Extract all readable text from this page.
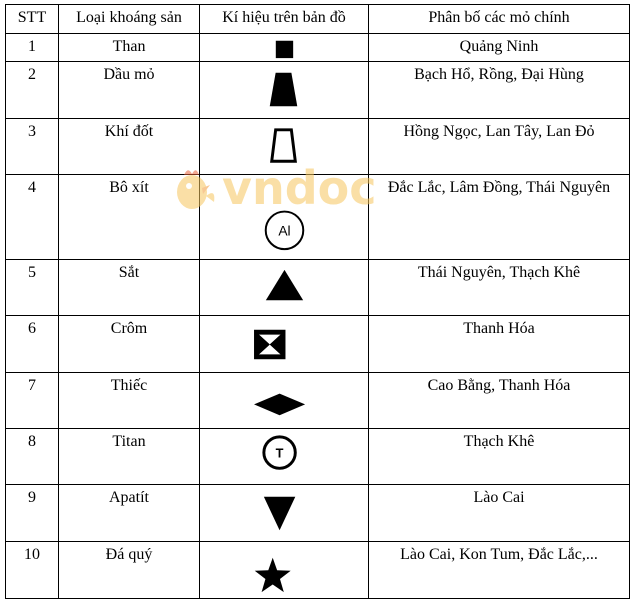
STT	Loại khoáng sản	Kí hiệu trên bản đồ	Phân bố các mỏ chính
1	Than		Quảng Ninh
2	Dầu mỏ		Bạch Hổ, Rồng, Đại Hùng
3	Khí đốt		Hồng Ngọc, Lan Tây, Lan Đỏ
4	Bô xít	Al	Đắc Lắc, Lâm Đồng, Thái Nguyên
5	Sắt		Thái Nguyên, Thạch Khê
6	Crôm		Thanh Hóa
7	Thiếc		Cao Bằng, Thanh Hóa
8	Titan	T	Thạch Khê
9	Apatít		Lào Cai
10	Đá quý		Lào Cai, Kon Tum, Đắc Lắc,...
vndoc
